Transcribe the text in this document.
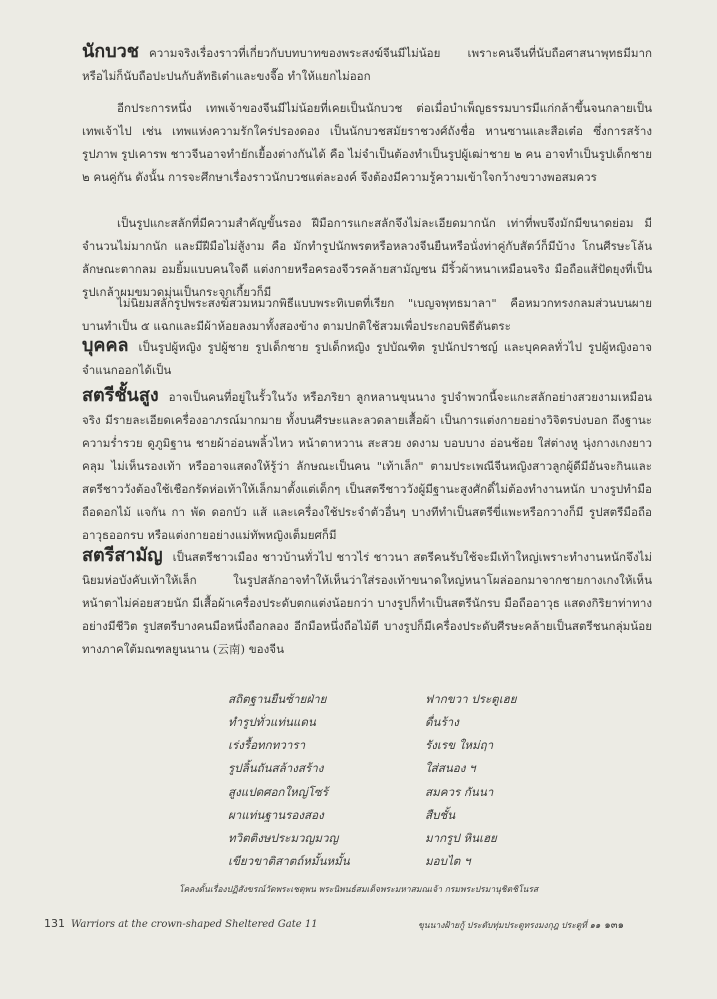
นักบวช ความจริงเรื่องราวที่เกี่ยวกับบทบาทของพระสงฆ์จีนมีไม่น้อย เพราะคนจีนที่นับถือศาสนาพุทธมีมาก หรือไม่ก็นับถือปะปนกับลัทธิเต๋าและขงจื๊อ ทำให้แยกไม่ออก

อีกประการหนึ่ง เทพเจ้าของจีนมีไม่น้อยที่เคยเป็นนักบวช ต่อเมื่อบำเพ็ญธรรมบารมีแก่กล้าขึ้นจนกลายเป็นเทพเจ้าไป เช่น เทพแห่งความรักใคร่ปรองดอง เป็นนักบวชสมัยราชวงศ์ถังชื่อ หานซานและสือเต๋อ ซึ่งการสร้างรูปภาพ รูปเคารพ ชาวจีนอาจทำยักเยื้องต่างกันได้ คือ ไม่จำเป็นต้องทำเป็นรูปผู้เฒ่าชาย ๒ คน อาจทำเป็นรูปเด็กชาย ๒ คนคู่กัน ดังนั้น การจะศึกษาเรื่องราวนักบวชแต่ละองค์ จึงต้องมีความรู้ความเข้าใจกว้างขวางพอสมควร

เป็นรูปแกะสลักที่มีความสำคัญขั้นรอง ฝีมือการแกะสลักจึงไม่ละเอียดมากนัก เท่าที่พบจึงมักมีขนาดย่อม มีจำนวนไม่มากนัก และมีฝีมือไม่สู้งาม คือ มักทำรูปนักพรตหรือหลวงจีนยืนหรือนั่งท่าคู่กับสัตว์ก็มีบ้าง โกนศีรษะโล้นลักษณะตากลม อมยิ้มแบบคนใจดี แต่งกายหรือครองจีวรคล้ายสามัญชน มีริ้วผ้าหนาเหมือนจริง มือถือแส้ปัดยุงที่เป็นรูปเกล้าผมขมวดมุ่นเป็นกระจุกเกี้ยวก็มี

ไม่นิยมสลักรูปพระสงฆ์สวมหมวกพิธีแบบพระทิเบตที่เรียก "เบญจพุทธมาลา" คือหมวกทรงกลมส่วนบนผายบานทำเป็น ๕ แฉกและมีผ้าห้อยลงมาทั้งสองข้าง ตามปกติใช้สวมเพื่อประกอบพิธีตันตระ

บุคคล เป็นรูปผู้หญิง รูปผู้ชาย รูปเด็กชาย รูปเด็กหญิง รูปบัณฑิต รูปนักปราชญ์ และบุคคลทั่วไป รูปผู้หญิงอาจจำแนกออกได้เป็น

สตรีชั้นสูง อาจเป็นคนที่อยู่ในรั้วในวัง หรือภริยา ลูกหลานขุนนาง รูปจำพวกนี้จะแกะสลักอย่างสวยงามเหมือนจริง มีรายละเอียดเครื่องอาภรณ์มากมาย ทั้งบนศีรษะและลวดลายเสื้อผ้า เป็นการแต่งกายอย่างวิจิตรบ่งบอก ถึงฐานะความร่ำรวย ดูภูมิฐาน ชายผ้าอ่อนพลิ้วไหว หน้าตาหวาน สะสวย งดงาม บอบบาง อ่อนช้อย ใส่ต่างหู นุ่งกางเกงยาวคลุม ไม่เห็นรองเท้า หรืออาจแสดงให้รู้ว่า ลักษณะเป็นคน "เท้าเล็ก" ตามประเพณีจีนหญิงสาวลูกผู้ดีมีอันจะกินและสตรีชาววังต้องใช้เชือกรัดห่อเท้าให้เล็กมาตั้งแต่เด็กๆ เป็นสตรีชาววังผู้มีฐานะสูงศักดิ์ไม่ต้องทำงานหนัก บางรูปทำมือถือดอกไม้ แจกัน กา พัด ดอกบัว แส้ และเครื่องใช้ประจำตัวอื่นๆ บางทีทำเป็นสตรีขี่แพะหรือกวางก็มี รูปสตรีมือถืออาวุธออกรบ หรือแต่งกายอย่างแม่ทัพหญิงเต็มยศก็มี

สตรีสามัญ เป็นสตรีชาวเมือง ชาวบ้านทั่วไป ชาวไร่ ชาวนา สตรีคนรับใช้จะมีเท้าใหญ่เพราะทำงานหนักจึงไม่นิยมห่อบังคับเท้าให้เล็ก ในรูปสลักอาจทำให้เห็นว่าใส่รองเท้าขนาดใหญ่หนาโผล่ออกมาจากชายกางเกงให้เห็นหน้าตาไม่ค่อยสวยนัก มีเสื้อผ้าเครื่องประดับตกแต่งน้อยกว่า บางรูปก็ทำเป็นสตรีนักรบ มือถืออาวุธ แสดงกิริยาท่าทางอย่างมีชีวิต รูปสตรีบางคนมือหนึ่งถือกลอง อีกมือหนึ่งถือไม้ตี บางรูปก็มีเครื่องประดับศีรษะคล้ายเป็นสตรีชนกลุ่มน้อยทางภาคใต้มณฑลยูนนาน (云南) ของจีน

สถิตฐานยืนซ้ายฝ่าย	ฟากขวา ประตูเฮย
ทำรูปทั่วแท่นแดน	ดื่นร้าง
เร่งรื้อทกทวารา	รังเรข ใหม่ฤา
รูปลิ้นถันสล้างสร้าง	ใส่สนอง ฯ
สูงแปดศอกใหญ่โซร้	สมควร กันนา
ผาแท่นฐานรองสอง	สืบชั้น
ทวิตติงษประมวญมวญ	มากรูป หินเฮย
เขียวขาติสาตถ์หมั้นหมั้น	มอบไต ฯ
โคลงดั้นเรื่องปฏิสังขรณ์วัดพระเชตุพน พระนิพนธ์สมเด็จพระมหาสมณเจ้า กรมพระปรมานุชิตชิโนรส
131 Warriors at the crown-shaped Sheltered Gate 11	ขุนนางฝ้ายกู้ ประตับทุ่มประตูทรงมงกุฎ ประตูที่ ๑๑ ๑๓๑
